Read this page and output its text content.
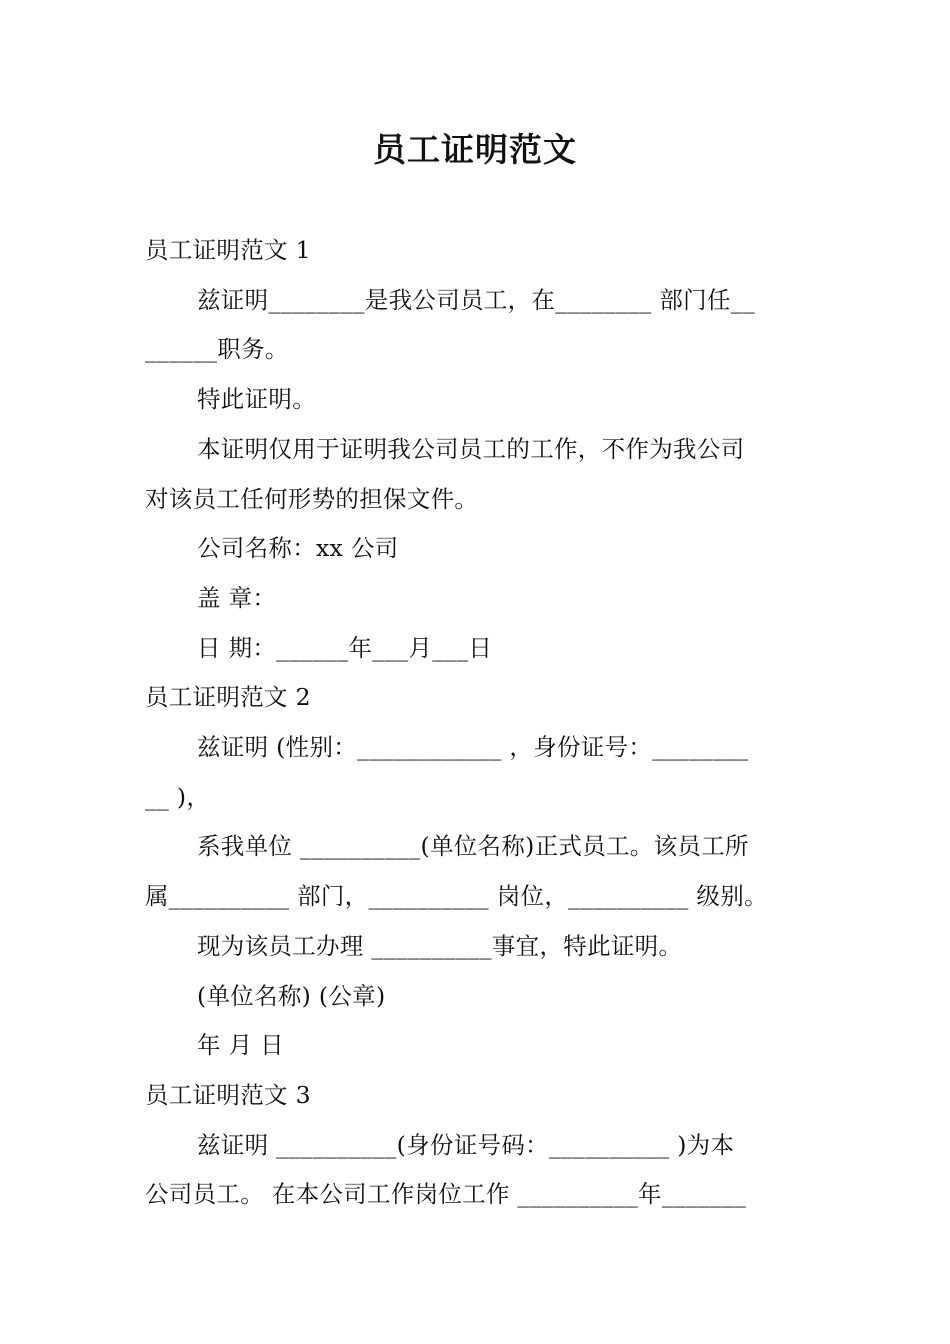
员工证明范文

员工证明范文 1

兹证明________是我公司员工，在________ 部门任__

______职务。

特此证明。

本证明仅用于证明我公司员工的工作，不作为我公司

对该员工任何形势的担保文件。

公司名称：xx 公司

盖 章：

日 期：______年___月___日

员工证明范文 2

兹证明 (性别：____________ ，身份证号：________

__ )，

系我单位 __________(单位名称)正式员工。该员工所

属__________ 部门，__________ 岗位，__________ 级别。

现为该员工办理 __________事宜，特此证明。

(单位名称) (公章)

年 月 日

员工证明范文 3

兹证明 __________(身份证号码：__________ )为本

公司员工。 在本公司工作岗位工作 __________年_______
